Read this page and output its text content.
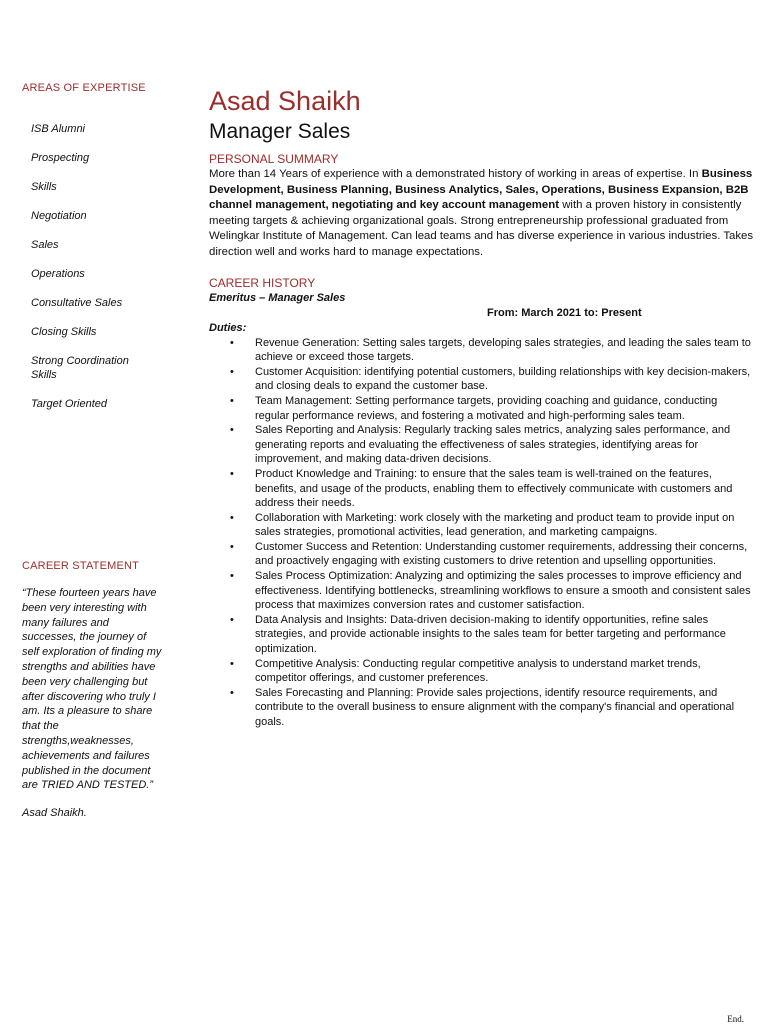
AREAS OF EXPERTISE
ISB Alumni
Prospecting
Skills
Negotiation
Sales
Operations
Consultative Sales
Closing Skills
Strong Coordination Skills
Target Oriented
CAREER STATEMENT
“These fourteen years have been very interesting with many failures and successes, the journey of self exploration of finding my strengths and abilities have been very challenging but after discovering who truly I am. Its a pleasure to share that the strengths,weaknesses, achievements and failures published in the document are TRIED AND TESTED.”
Asad Shaikh.
Asad Shaikh
Manager Sales
PERSONAL SUMMARY

More than 14 Years of experience with a demonstrated history of working in areas of expertise. In Business Development, Business Planning, Business Analytics, Sales, Operations, Business Expansion, B2B channel management, negotiating and key account management with a proven history in consistently meeting targets & achieving organizational goals. Strong entrepreneurship professional graduated from Welingkar Institute of Management. Can lead teams and has diverse experience in various industries. Takes direction well and works hard to manage expectations.

CAREER HISTORY
Emeritus – Manager Sales
From: March 2021 to: Present
Duties:
• Revenue Generation: Setting sales targets, developing sales strategies, and leading the sales team to achieve or exceed those targets.
• Customer Acquisition: identifying potential customers, building relationships with key decision-makers, and closing deals to expand the customer base.
• Team Management: Setting performance targets, providing coaching and guidance, conducting regular performance reviews, and fostering a motivated and high-performing sales team.
• Sales Reporting and Analysis: Regularly tracking sales metrics, analyzing sales performance, and generating reports and evaluating the effectiveness of sales strategies, identifying areas for improvement, and making data-driven decisions.
• Product Knowledge and Training: to ensure that the sales team is well-trained on the features, benefits, and usage of the products, enabling them to effectively communicate with customers and address their needs.
• Collaboration with Marketing: work closely with the marketing and product team to provide input on sales strategies, promotional activities, lead generation, and marketing campaigns.
• Customer Success and Retention: Understanding customer requirements, addressing their concerns, and proactively engaging with existing customers to drive retention and upselling opportunities.
• Sales Process Optimization: Analyzing and optimizing the sales processes to improve efficiency and effectiveness. Identifying bottlenecks, streamlining workflows to ensure a smooth and consistent sales process that maximizes conversion rates and customer satisfaction.
• Data Analysis and Insights: Data-driven decision-making to identify opportunities, refine sales strategies, and provide actionable insights to the sales team for better targeting and performance optimization.
• Competitive Analysis: Conducting regular competitive analysis to understand market trends, competitor offerings, and customer preferences.
• Sales Forecasting and Planning: Provide sales projections, identify resource requirements, and contribute to the overall business to ensure alignment with the company's financial and operational goals.
End.
